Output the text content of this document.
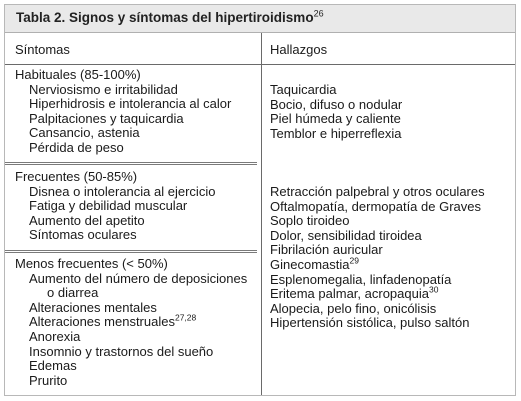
Tabla 2. Signos y síntomas del hipertiroidismo$^{26}$
Síntomas	Hallazgos
Habituales (85-100%)
Nerviosismo e irritabilidad
Hiperhidrosis e intolerancia al calor
Palpitaciones y taquicardia
Cansancio, astenia
Pérdida de peso
Frecuentes (50-85%)
Disnea o intolerancia al ejercicio
Fatiga y debilidad muscular
Aumento del apetito
Síntomas oculares
Menos frecuentes (< 50%)
Aumento del número de deposiciones
o diarrea
Alteraciones mentales
Alteraciones menstruales$^{27,28}$
Anorexia
Insomnio y trastornos del sueño
Edemas
Prurito
Taquicardia
Bocio, difuso o nodular
Piel húmeda y caliente
Temblor e hiperreflexia
Retracción palpebral y otros oculares
Oftalmopatía, dermopatía de Graves
Soplo tiroideo
Dolor, sensibilidad tiroidea
Fibrilación auricular
Ginecomastia$^{29}$
Esplenomegalia, linfadenopatía
Eritema palmar, acropaquia$^{30}$
Alopecia, pelo fino, onicólisis
Hipertensión sistólica, pulso saltón
